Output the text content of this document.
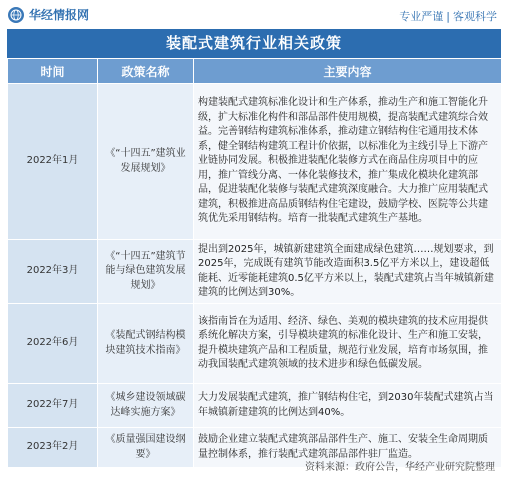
华经情报网	专业严谨 | 客观科学
装配式建筑行业相关政策
时间	政策名称	主要内容
2022年1月	《“十四五”建筑业发展规划》	构建装配式建筑标准化设计和生产体系，推动生产和施工智能化升级，扩大标准化构件和部品部件使用规模，提高装配式建筑综合效益。完善钢结构建筑标准体系，推动建立钢结构住宅通用技术体系，健全钢结构建筑工程计价依据，以标准化为主线引导上下游产业链协同发展。积极推进装配化装修方式在商品住房项目中的应用，推广管线分离、一体化装修技术，推广集成化模块化建筑部品，促进装配化装修与装配式建筑深度融合。大力推广应用装配式建筑，积极推进高品质钢结构住宅建设，鼓励学校、医院等公共建筑优先采用钢结构。培育一批装配式建筑生产基地。
2022年3月	《“十四五”建筑节能与绿色建筑发展规划》	提出到2025年，城镇新建建筑全面建成绿色建筑……规划要求，到2025年，完成既有建筑节能改造面积3.5亿平方米以上，建设超低能耗、近零能耗建筑0.5亿平方米以上，装配式建筑占当年城镇新建建筑的比例达到30%。
2022年6月	《装配式钢结构模块建筑技术指南》	该指南旨在为适用、经济、绿色、美观的模块建筑的技术应用提供系统化解决方案，引导模块建筑的标准化设计、生产和施工安装，提升模块建筑产品和工程质量，规范行业发展，培育市场氛围，推动我国装配式建筑领域的技术进步和绿色低碳发展。
2022年7月	《城乡建设领域碳达峰实施方案》	大力发展装配式建筑，推广钢结构住宅，到2030年装配式建筑占当年城镇新建建筑的比例达到40%。
2023年2月	《质量强国建设纲要》	鼓励企业建立装配式建筑部品部件生产、施工、安装全生命周期质量控制体系，推行装配式建筑部品部件驻厂监造。
资料来源：政府公告，华经产业研究院整理
